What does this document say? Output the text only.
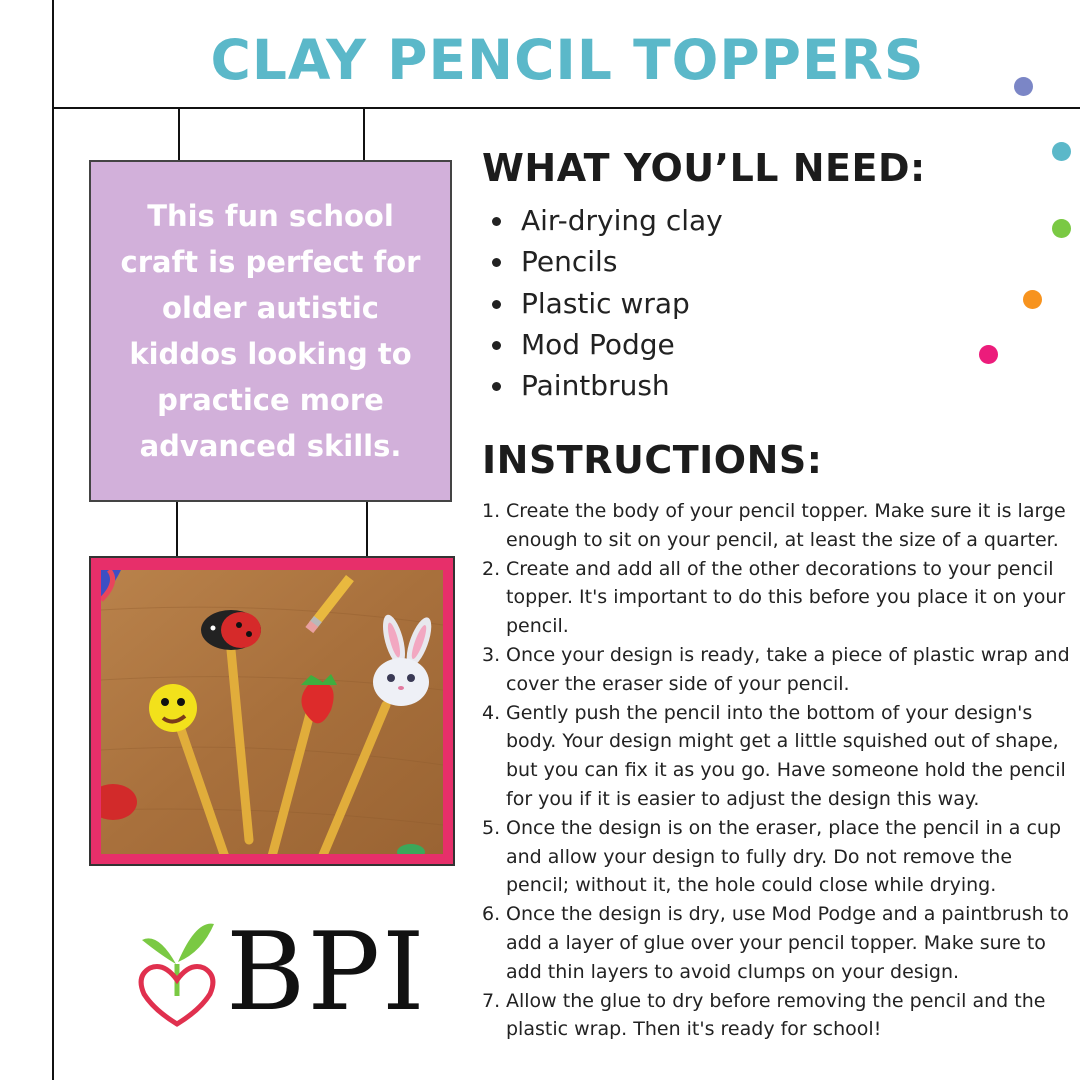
CLAY PENCIL TOPPERS
This fun school craft is perfect for older autistic kiddos looking to practice more advanced skills.
WHAT YOU’LL NEED:
Air-drying clay
Pencils
Plastic wrap
Mod Podge
Paintbrush
INSTRUCTIONS:
1. Create the body of your pencil topper. Make sure it is large enough to sit on your pencil, at least the size of a quarter.
2. Create and add all of the other decorations to your pencil topper. It's important to do this before you place it on your pencil.
3. Once your design is ready, take a piece of plastic wrap and cover the eraser side of your pencil.
4. Gently push the pencil into the bottom of your design's body. Your design might get a little squished out of shape, but you can fix it as you go. Have someone hold the pencil for you if it is easier to adjust the design this way.
5. Once the design is on the eraser, place the pencil in a cup and allow your design to fully dry. Do not remove the pencil; without it, the hole could close while drying.
6. Once the design is dry, use Mod Podge and a paintbrush to add a layer of glue over your pencil topper. Make sure to add thin layers to avoid clumps on your design.
7. Allow the glue to dry before removing the pencil and the plastic wrap. Then it's ready for school!
BPI
